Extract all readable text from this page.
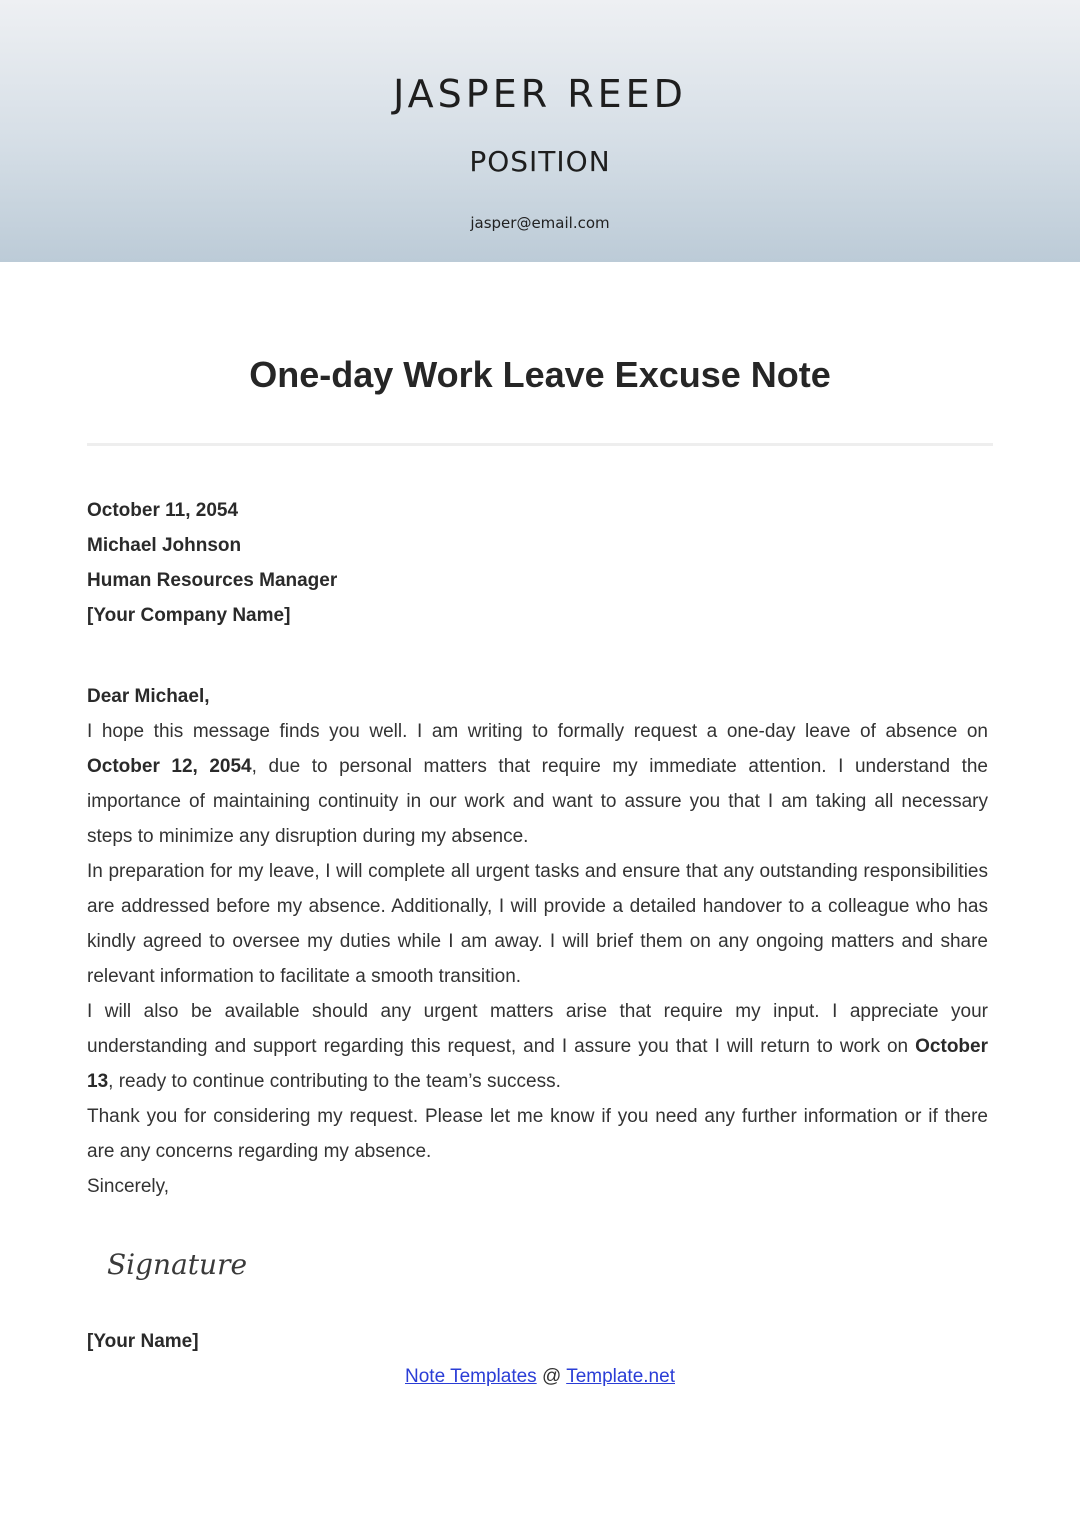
JASPER REED
POSITION
jasper@email.com
One-day Work Leave Excuse Note
October 11, 2054
Michael Johnson
Human Resources Manager
[Your Company Name]
Dear Michael,

I hope this message finds you well. I am writing to formally request a one-day leave of absence on October 12, 2054, due to personal matters that require my immediate attention. I understand the importance of maintaining continuity in our work and want to assure you that I am taking all necessary steps to minimize any disruption during my absence.

In preparation for my leave, I will complete all urgent tasks and ensure that any outstanding responsibilities are addressed before my absence. Additionally, I will provide a detailed handover to a colleague who has kindly agreed to oversee my duties while I am away. I will brief them on any ongoing matters and share relevant information to facilitate a smooth transition.

I will also be available should any urgent matters arise that require my input. I appreciate your understanding and support regarding this request, and I assure you that I will return to work on October 13, ready to continue contributing to the team’s success.

Thank you for considering my request. Please let me know if you need any further information or if there are any concerns regarding my absence.

Sincerely,
Signature
[Your Name]
Note Templates @ Template.net
